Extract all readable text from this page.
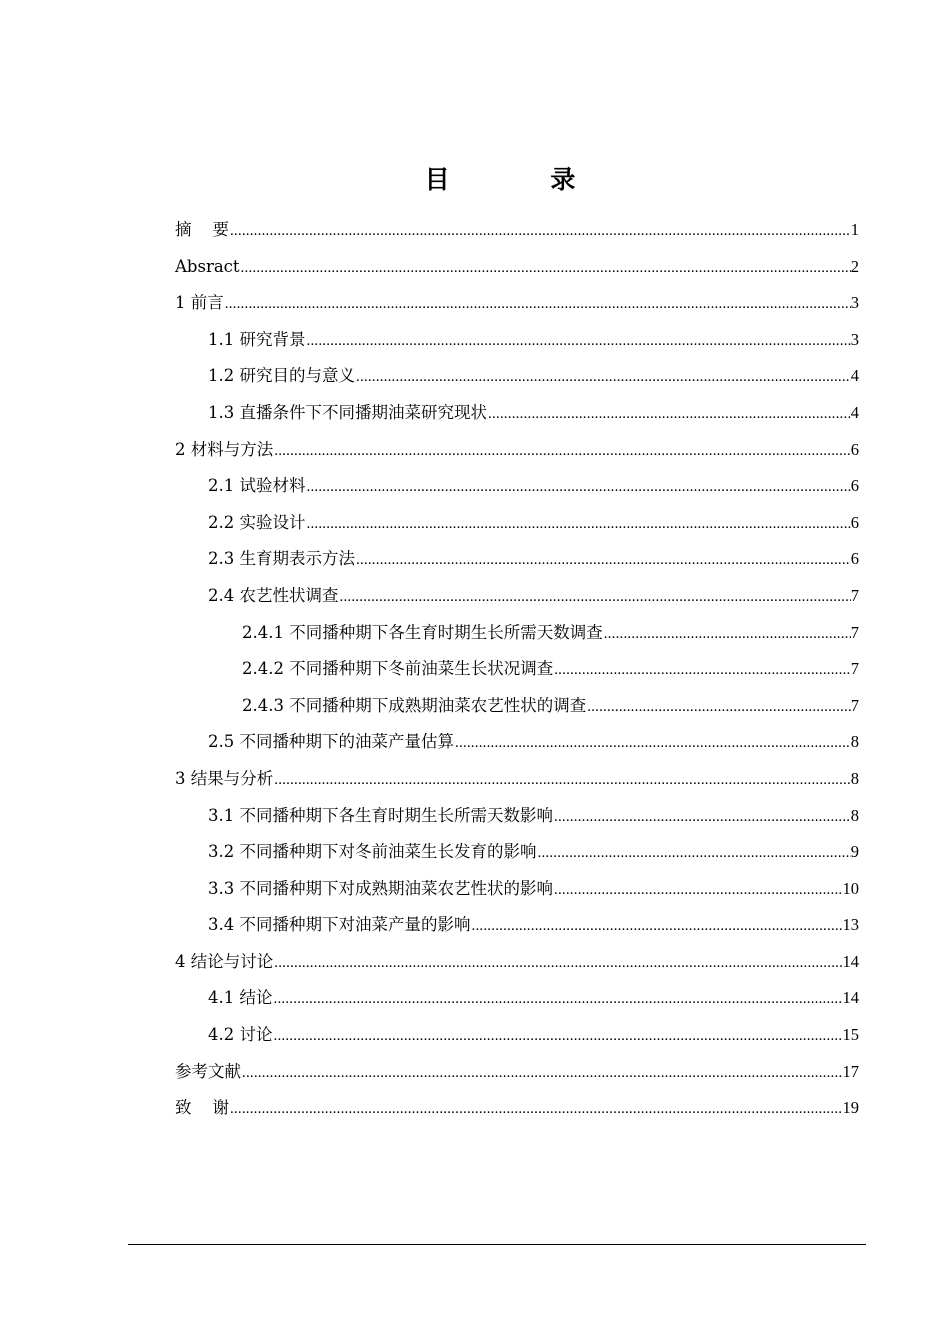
目 录
摘    要 .....	1
Absract .....	2
1 前言 .....	3
1.1 研究背景 .....	3
1.2 研究目的与意义 .....	4
1.3 直播条件下不同播期油菜研究现状 .....	4
2 材料与方法 .....	6
2.1 试验材料 .....	6
2.2 实验设计 .....	6
2.3 生育期表示方法 .....	6
2.4 农艺性状调查 .....	7
2.4.1 不同播种期下各生育时期生长所需天数调查 .....	7
2.4.2 不同播种期下冬前油菜生长状况调查 .....	7
2.4.3 不同播种期下成熟期油菜农艺性状的调查 .....	7
2.5 不同播种期下的油菜产量估算 .....	8
3 结果与分析 .....	8
3.1 不同播种期下各生育时期生长所需天数影响 .....	8
3.2 不同播种期下对冬前油菜生长发育的影响 .....	9
3.3 不同播种期下对成熟期油菜农艺性状的影响 .....	10
3.4 不同播种期下对油菜产量的影响 .....	13
4 结论与讨论 .....	14
4.1 结论 .....	14
4.2 讨论 .....	15
参考文献 .....	17
致    谢 .....	19
